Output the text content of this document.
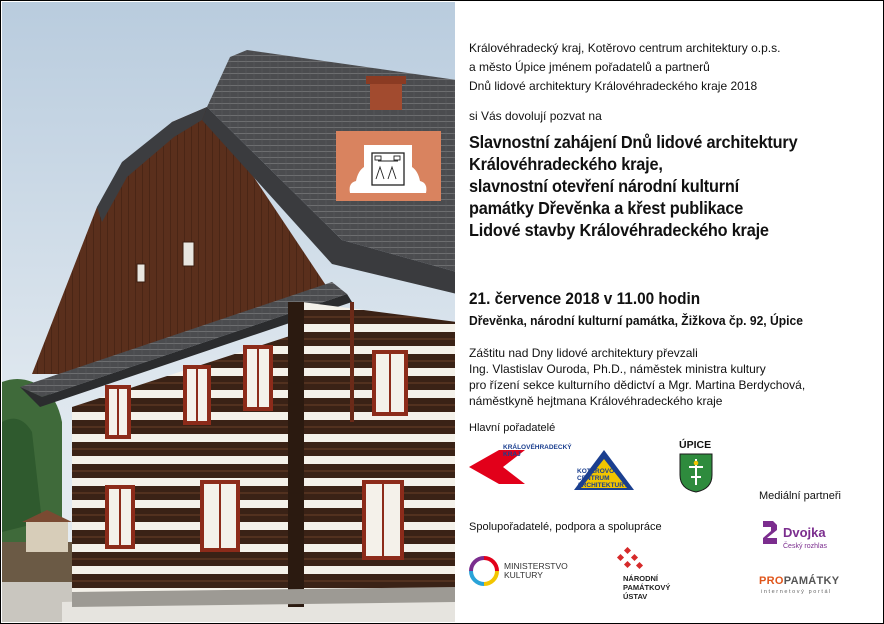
Královéhradecký kraj, Kotěrovo centrum architektury o.p.s.
a město Úpice jménem pořadatelů a partnerů
Dnů lidové architektury Královéhradeckého kraje 2018
si Vás dovolují pozvat na
Slavnostní zahájení Dnů lidové architektury
Královéhradeckého kraje,
slavnostní otevření národní kulturní
památky Dřevěnka a křest publikace
Lidové stavby Královéhradeckého kraje
21. července 2018 v 11.00 hodin
Dřevěnka, národní kulturní památka, Žižkova čp. 92, Úpice
Záštitu nad Dny lidové architektury převzali
Ing. Vlastislav Ouroda, Ph.D., náměstek ministra kultury
pro řízení sekce kulturního dědictví a Mgr. Martina Berdychová,
náměstkyně hejtmana Královéhradeckého kraje
Hlavní pořadatelé
Mediální partneři
Spolupořadatelé, podpora a spolupráce
KRÁLOVÉHRADECKÝ KRAJ
KOTĚROVO
CENTRUM
ARCHITEKTURY
ÚPICE
Dvojka
Český rozhlas
MINISTERSTVO
KULTURY	NÁRODNÍ
PAMÁTKOVÝ
ÚSTAV
PROPAMÁTKY
internetový portál
